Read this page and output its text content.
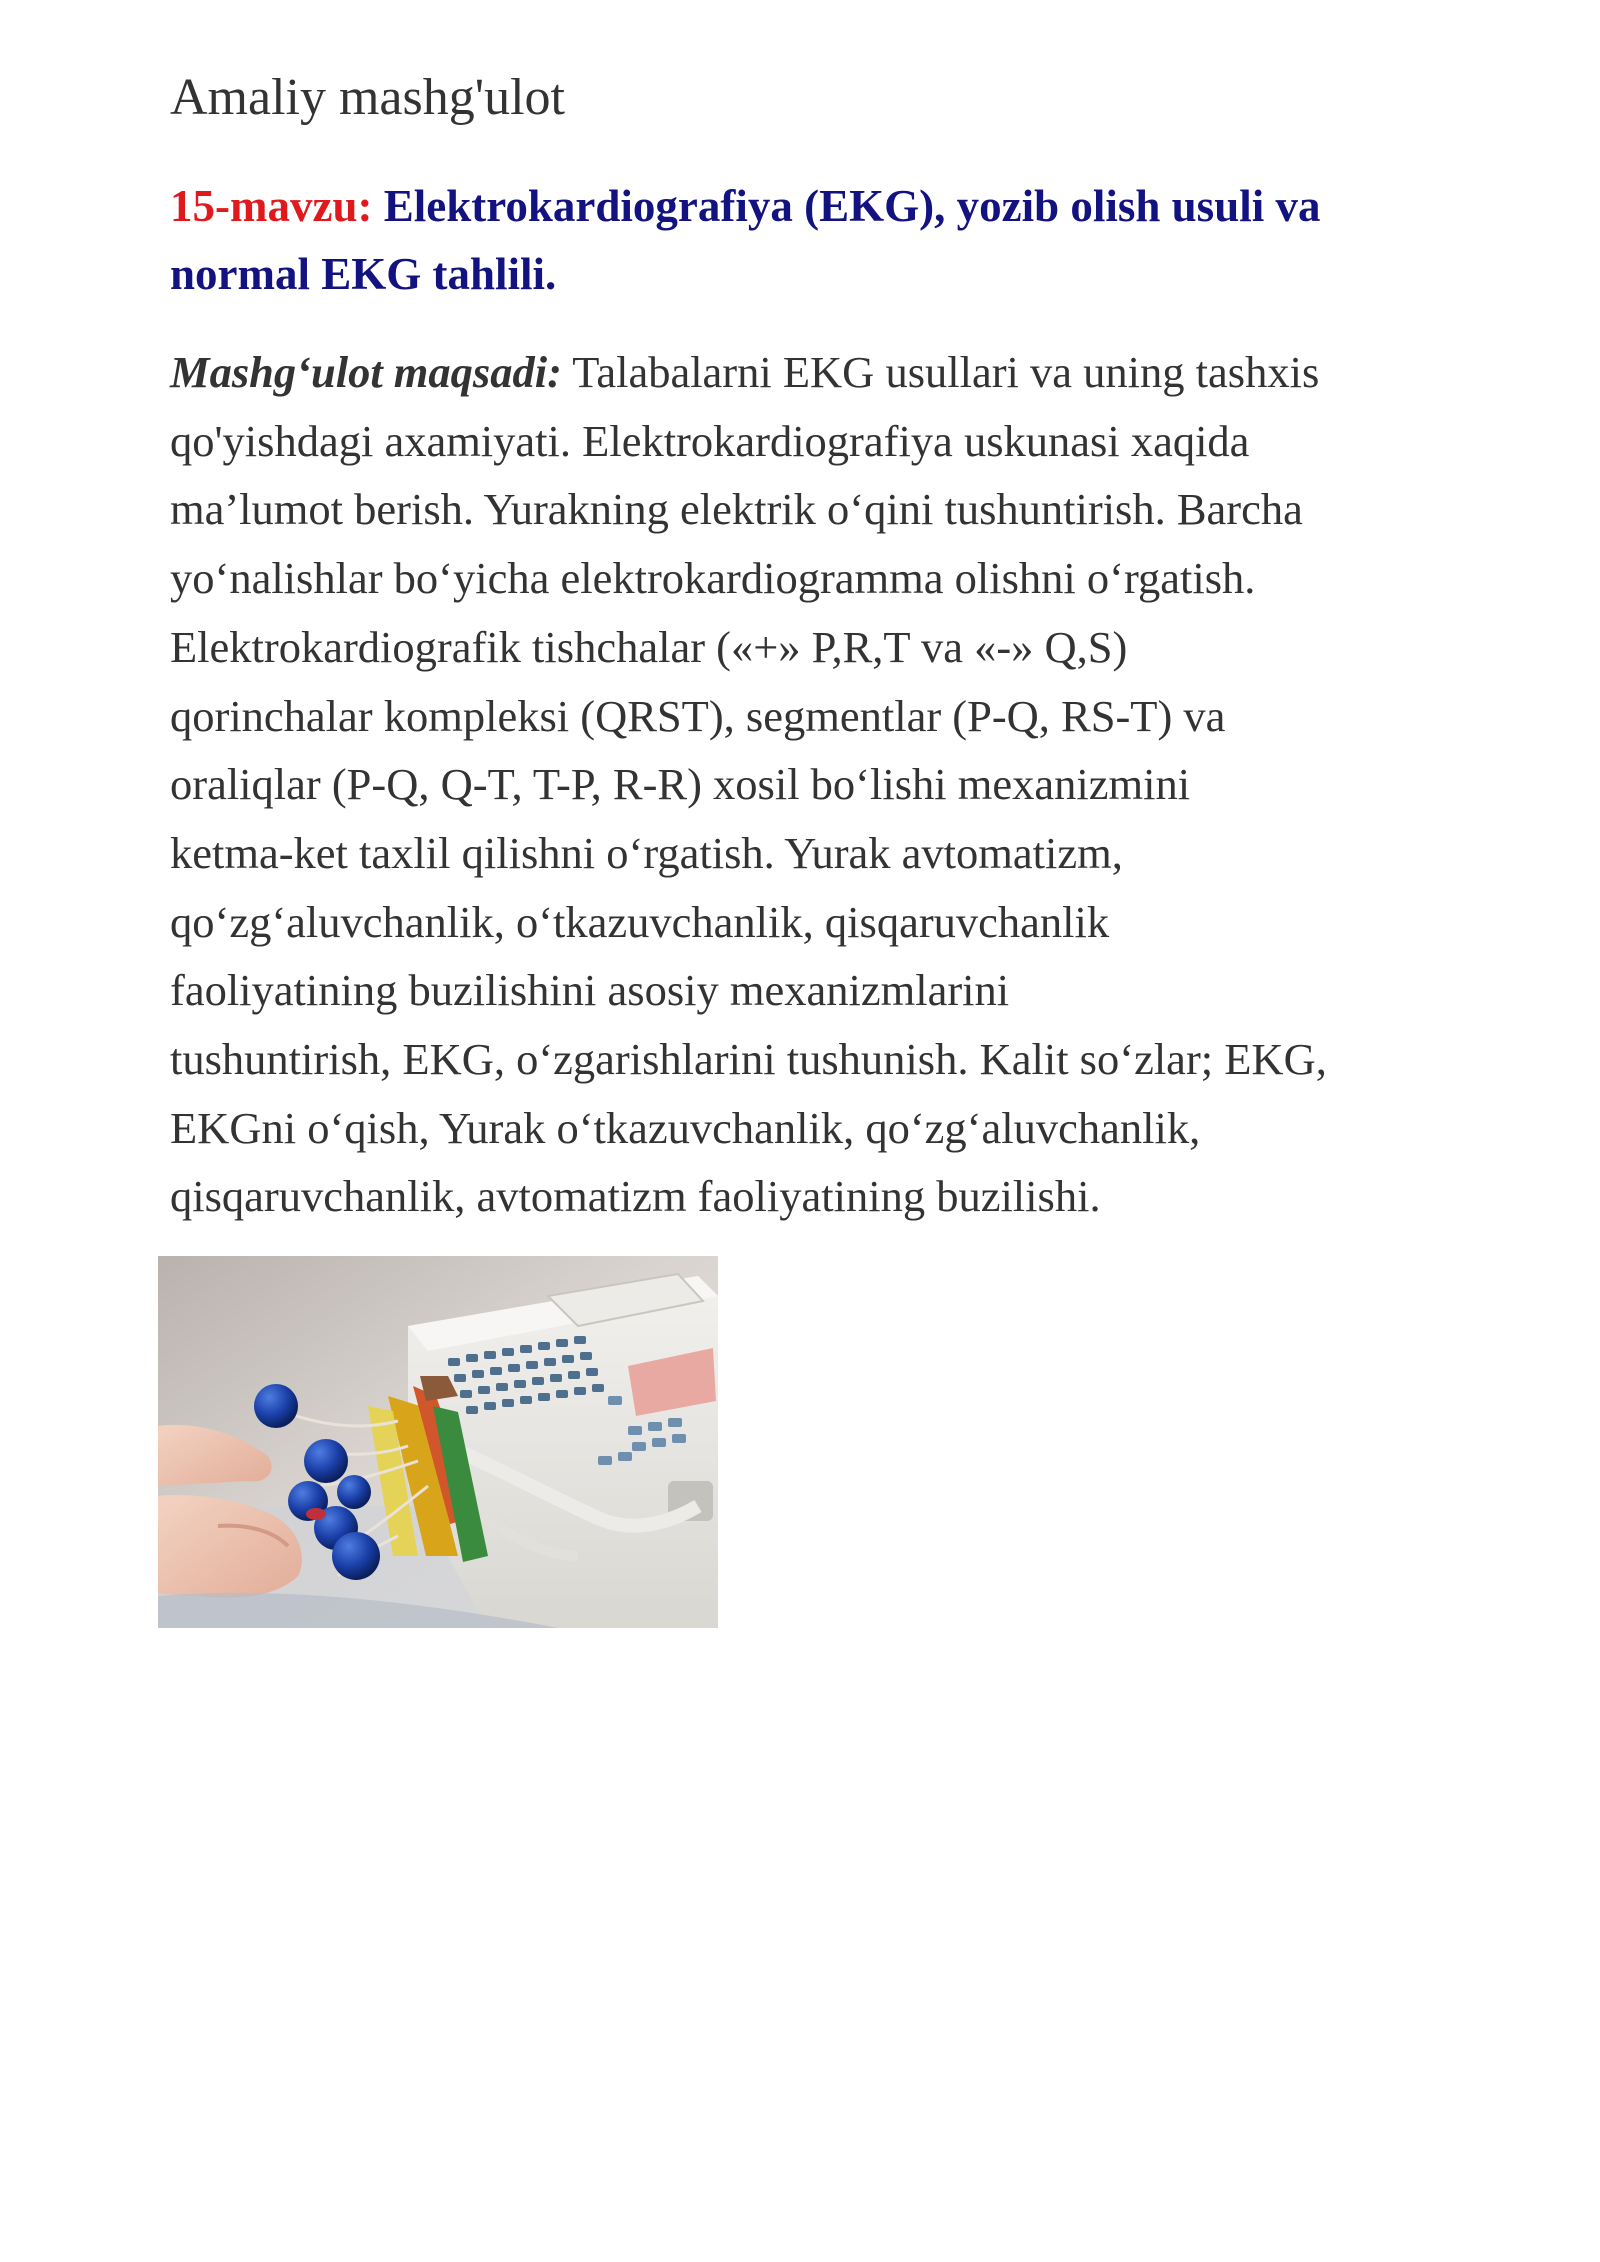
Amaliy mashg'ulot
15-mavzu: Elektrokardiografiya (EKG), yozib olish usuli va normal EKG tahlili.

Mashg‘ulot maqsadi: Talabalarni EKG usullari va uning tashxis
qo'yishdagi axamiyati. Elektrokardiografiya uskunasi xaqida
ma’lumot berish. Yurakning elektrik o‘qini tushuntirish. Barcha
yo‘nalishlar bo‘yicha elektrokardiogramma olishni o‘rgatish.
Elektrokardiografik tishchalar («+» P,R,T va «-» Q,S)
qorinchalar kompleksi (QRST), segmentlar (P-Q, RS-T) va
oraliqlar (P-Q, Q-T, T-P, R-R) xosil bo‘lishi mexanizmini
ketma-ket taxlil qilishni o‘rgatish. Yurak avtomatizm,
qo‘zg‘aluvchanlik, o‘tkazuvchanlik, qisqaruvchanlik
faoliyatining buzilishini asosiy mexanizmlarini
tushuntirish, EKG, o‘zgarishlarini tushunish. Kalit so‘zlar; EKG,
EKGni o‘qish, Yurak o‘tkazuvchanlik, qo‘zg‘aluvchanlik,
qisqaruvchanlik, avtomatizm faoliyatining buzilishi.
